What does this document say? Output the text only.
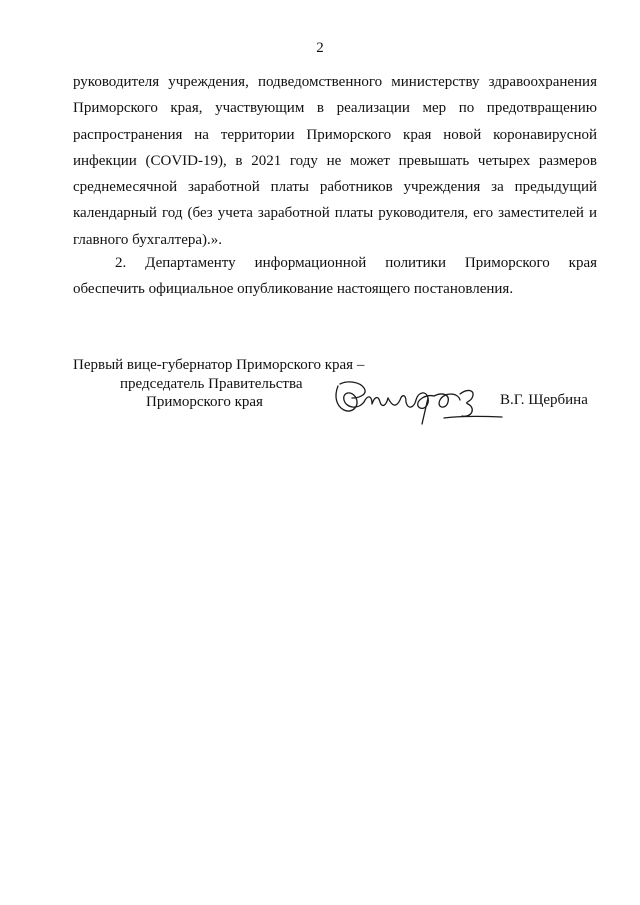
2
руководителя учреждения, подведомственного министерству здравоохранения
Приморского края, участвующим в реализации мер по предотвращению
распространения на территории Приморского края новой коронавирусной
инфекции (COVID-19), в 2021 году не может превышать четырех размеров
среднемесячной заработной платы работников учреждения за предыдущий
календарный год (без учета заработной платы руководителя, его заместителей и
главного бухгалтера).».
2. Департаменту информационной политики Приморского края
обеспечить официальное опубликование настоящего постановления.
Первый вице-губернатор Приморского края –
председатель Правительства
Приморского края	В.Г. Щербина
